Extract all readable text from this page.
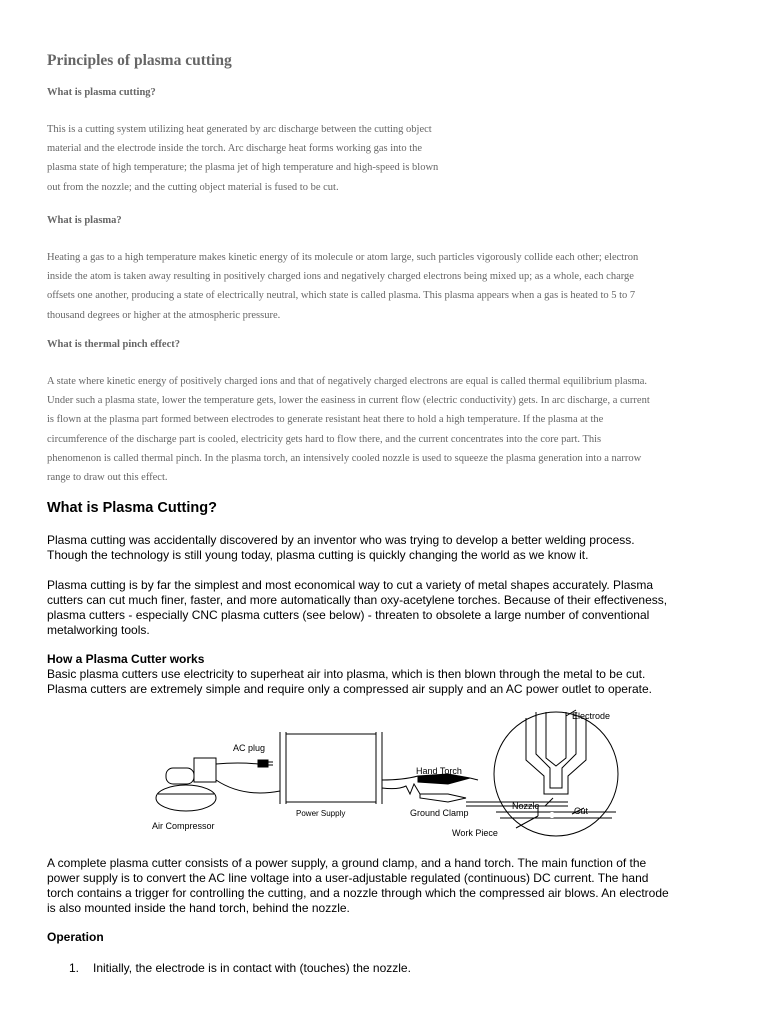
Principles of plasma cutting
What is plasma cutting?
This is a cutting system utilizing heat generated by arc discharge between the cutting object
material and the electrode inside the torch. Arc discharge heat forms working gas into the
plasma state of high temperature; the plasma jet of high temperature and high-speed is blown
out from the nozzle; and the cutting object material is fused to be cut.
What is plasma?
Heating a gas to a high temperature makes kinetic energy of its molecule or atom large, such particles vigorously collide each other; electron
inside the atom is taken away resulting in positively charged ions and negatively charged electrons being mixed up; as a whole, each charge
offsets one another, producing a state of electrically neutral, which state is called plasma. This plasma appears when a gas is heated to 5 to 7
thousand degrees or higher at the atmospheric pressure.
What is thermal pinch effect?
A state where kinetic energy of positively charged ions and that of negatively charged electrons are equal is called thermal equilibrium plasma.
Under such a plasma state, lower the temperature gets, lower the easiness in current flow (electric conductivity) gets. In arc discharge, a current
is flown at the plasma part formed between electrodes to generate resistant heat there to hold a high temperature. If the plasma at the
circumference of the discharge part is cooled, electricity gets hard to flow there, and the current concentrates into the core part. This
phenomenon is called thermal pinch. In the plasma torch, an intensively cooled nozzle is used to squeeze the plasma generation into a narrow
range to draw out this effect.
What is Plasma Cutting?
Plasma cutting was accidentally discovered by an inventor who was trying to develop a better welding process.
Though the technology is still young today, plasma cutting is quickly changing the world as we know it.
Plasma cutting is by far the simplest and most economical way to cut a variety of metal shapes accurately. Plasma
cutters can cut much finer, faster, and more automatically than oxy-acetylene torches. Because of their effectiveness,
plasma cutters - especially CNC plasma cutters (see below) - threaten to obsolete a large number of conventional
metalworking tools.
How a Plasma Cutter works
Basic plasma cutters use electricity to superheat air into plasma, which is then blown through the metal to be cut.
Plasma cutters are extremely simple and require only a compressed air supply and an AC power outlet to operate.
AC plug
Air Compressor
Power Supply
Hand Torch
Ground Clamp
Work Piece
Electrode
Nozzle	Cut
A complete plasma cutter consists of a power supply, a ground clamp, and a hand torch. The main function of the
power supply is to convert the AC line voltage into a user-adjustable regulated (continuous) DC current. The hand
torch contains a trigger for controlling the cutting, and a nozzle through which the compressed air blows. An electrode
is also mounted inside the hand torch, behind the nozzle.
Operation
1. Initially, the electrode is in contact with (touches) the nozzle.
